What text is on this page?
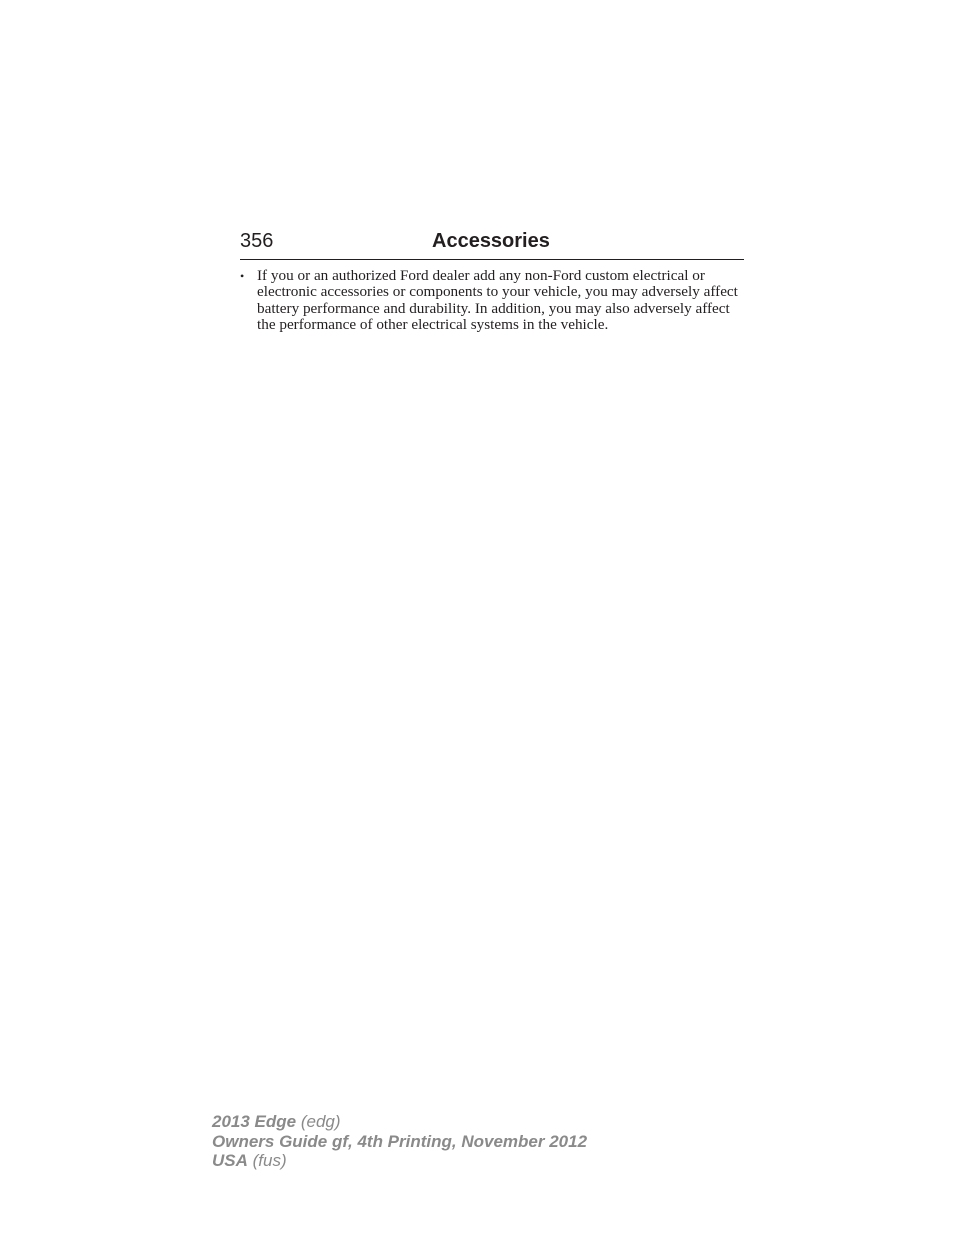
356	Accessories
• If you or an authorized Ford dealer add any non-Ford custom electrical or electronic accessories or components to your vehicle, you may adversely affect battery performance and durability. In addition, you may also adversely affect the performance of other electrical systems in the vehicle.
2013 Edge (edg)
Owners Guide gf, 4th Printing, November 2012
USA (fus)
